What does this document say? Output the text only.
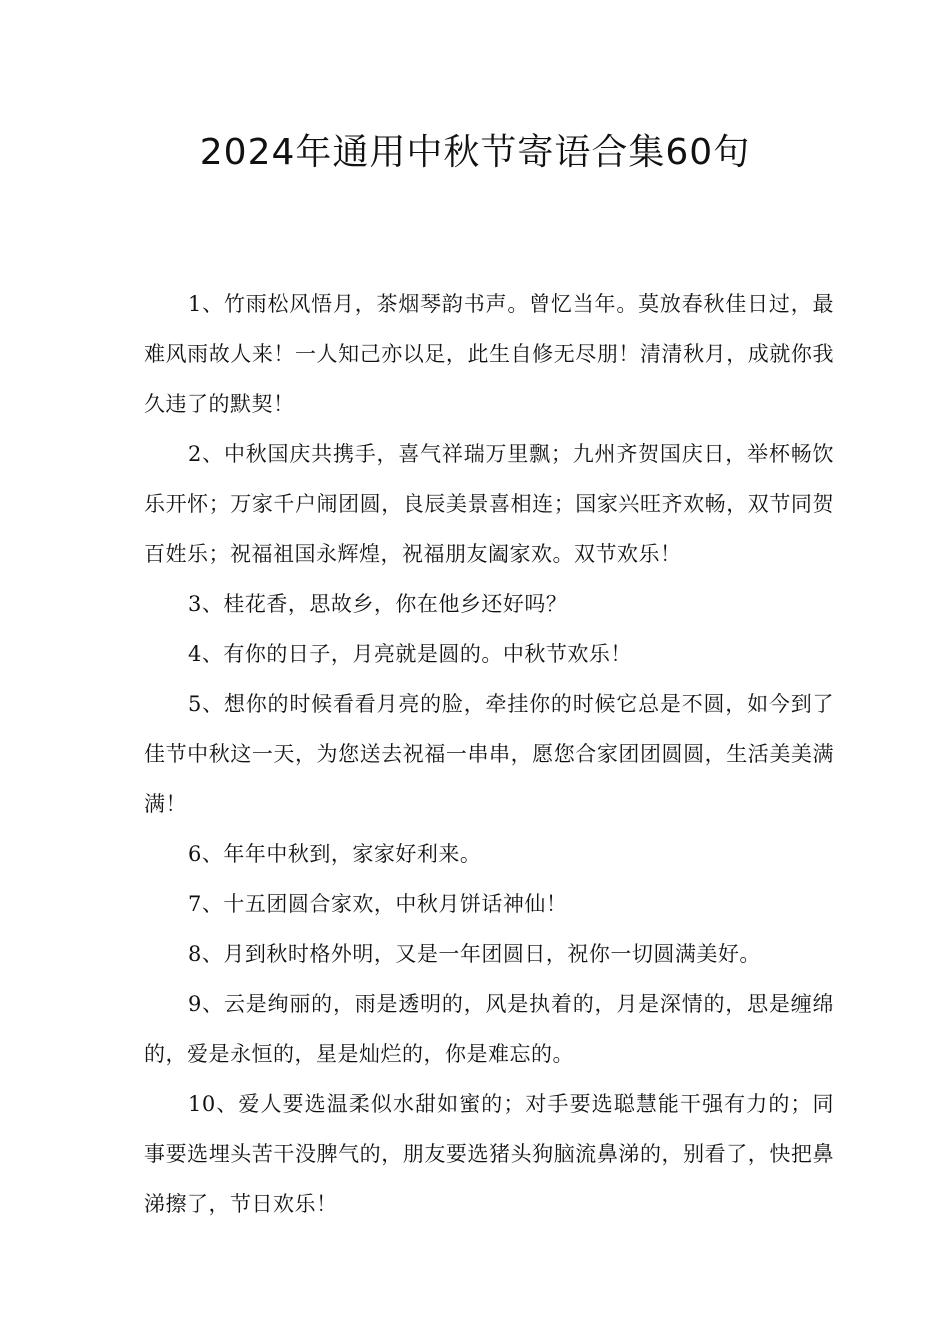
2024年通用中秋节寄语合集60句

1、竹雨松风悟月，茶烟琴韵书声。曾忆当年。莫放春秋佳日过，最难风雨故人来！一人知己亦以足，此生自修无尽朋！清清秋月，成就你我久违了的默契！

2、中秋国庆共携手，喜气祥瑞万里飘；九州齐贺国庆日，举杯畅饮乐开怀；万家千户闹团圆，良辰美景喜相连；国家兴旺齐欢畅，双节同贺百姓乐；祝福祖国永辉煌，祝福朋友阖家欢。双节欢乐！

3、桂花香，思故乡，你在他乡还好吗？

4、有你的日子，月亮就是圆的。中秋节欢乐！

5、想你的时候看看月亮的脸，牵挂你的时候它总是不圆，如今到了佳节中秋这一天，为您送去祝福一串串，愿您合家团团圆圆，生活美美满满！

6、年年中秋到，家家好利来。

7、十五团圆合家欢，中秋月饼话神仙！

8、月到秋时格外明，又是一年团圆日，祝你一切圆满美好。

9、云是绚丽的，雨是透明的，风是执着的，月是深情的，思是缠绵的，爱是永恒的，星是灿烂的，你是难忘的。

10、爱人要选温柔似水甜如蜜的；对手要选聪慧能干强有力的；同事要选埋头苦干没脾气的，朋友要选猪头狗脑流鼻涕的，别看了，快把鼻涕擦了，节日欢乐！
